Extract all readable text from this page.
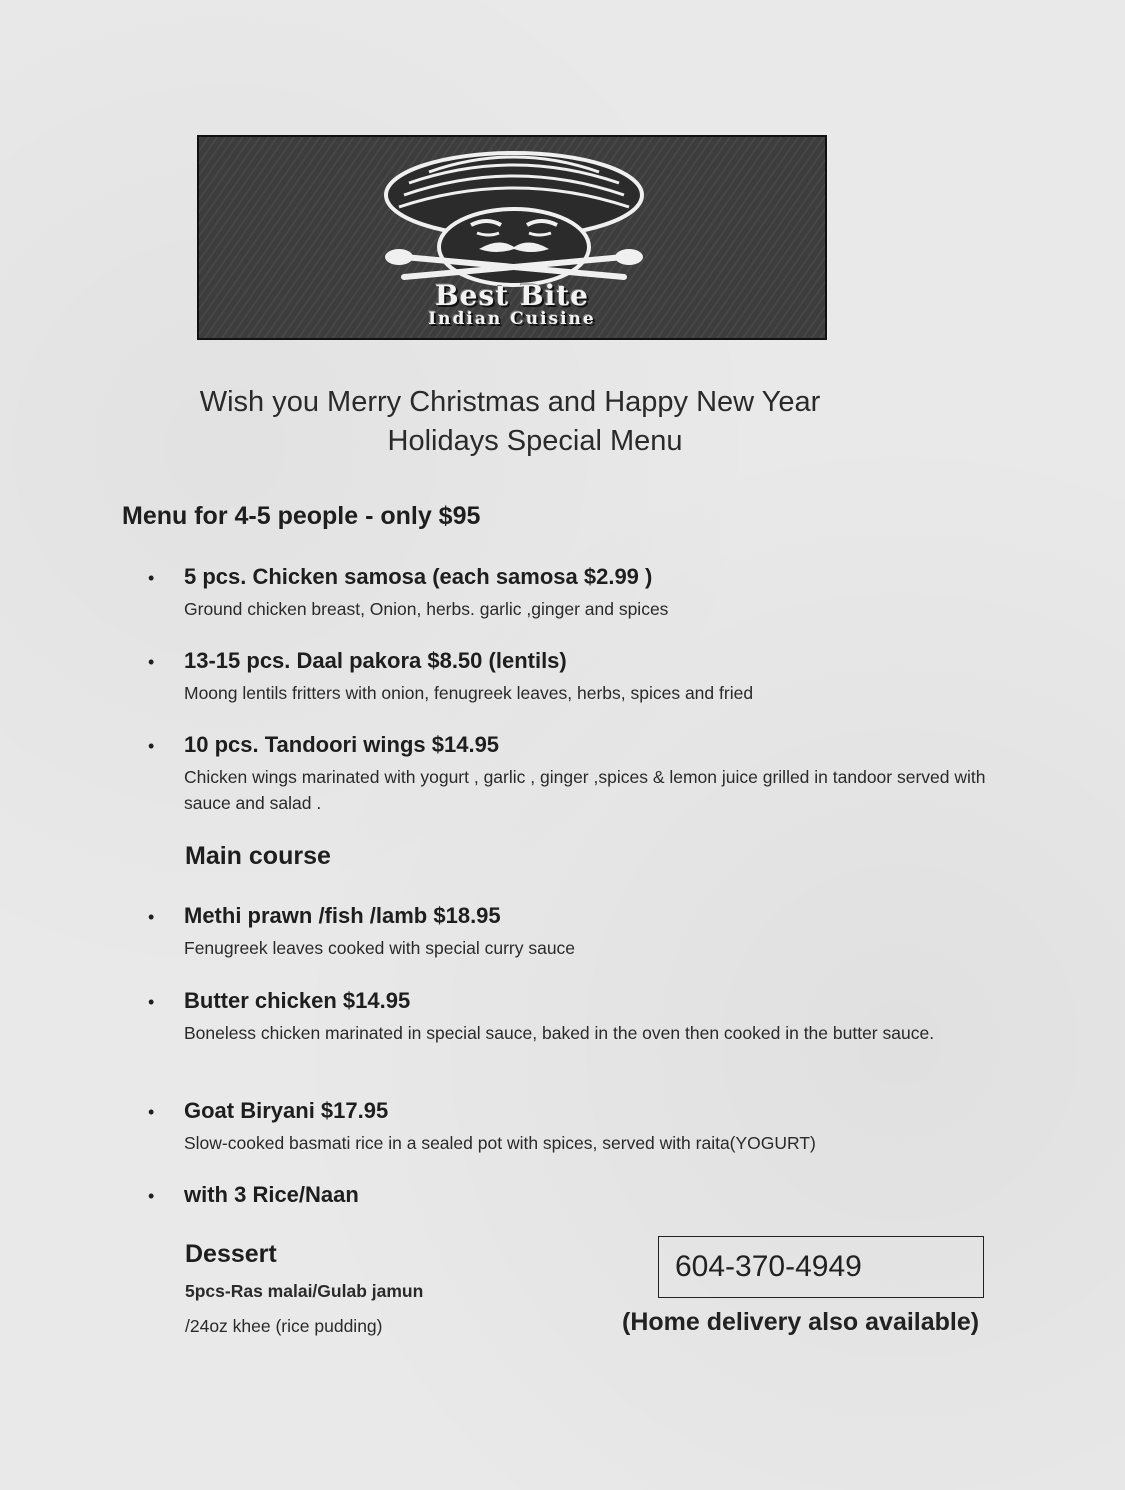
Best Bite
Indian Cuisine
Wish you Merry Christmas and Happy New Year
Holidays Special Menu
Menu for 4-5 people - only $95
• 5 pcs. Chicken samosa (each samosa $2.99 )
Ground chicken breast, Onion, herbs. garlic ,ginger and spices
• 13-15 pcs. Daal pakora $8.50 (lentils)
Moong lentils fritters with onion, fenugreek leaves, herbs, spices and fried
• 10 pcs. Tandoori wings $14.95
Chicken wings marinated with yogurt , garlic , ginger ,spices & lemon juice grilled in tandoor served with sauce and salad .
Main course
• Methi prawn /fish /lamb $18.95
Fenugreek leaves cooked with special curry sauce
• Butter chicken $14.95
Boneless chicken marinated in special sauce, baked in the oven then cooked in the butter sauce.
• Goat Biryani $17.95
Slow-cooked basmati rice in a sealed pot with spices, served with raita(YOGURT)
• with 3 Rice/Naan
Dessert
5pcs-Ras malai/Gulab jamun
/24oz khee (rice pudding)
604-370-4949
(Home delivery also available)
